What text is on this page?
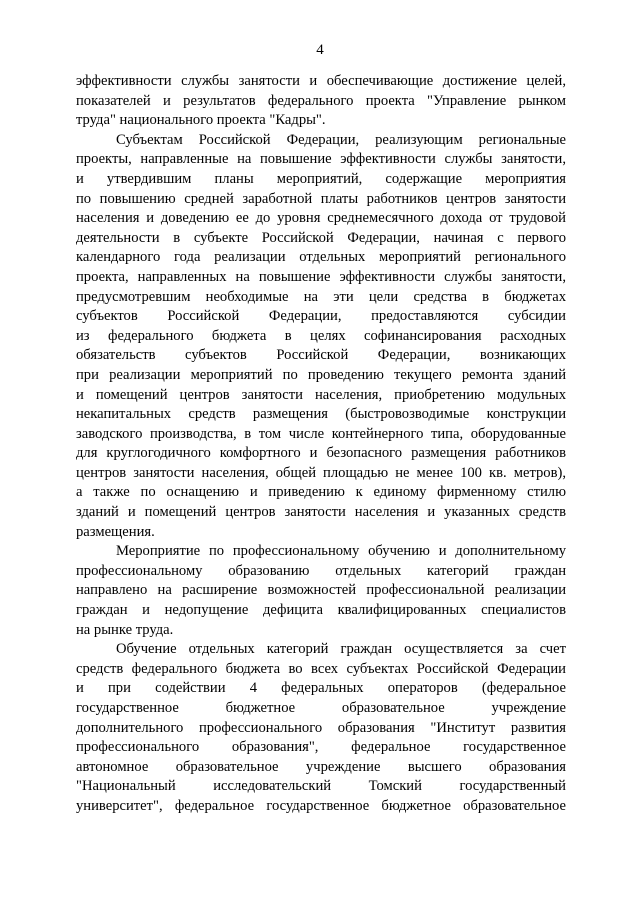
4
эффективности службы занятости и обеспечивающие достижение целей,
показателей и результатов федерального проекта "Управление рынком
труда" национального проекта "Кадры".
Субъектам Российской Федерации, реализующим региональные
проекты, направленные на повышение эффективности службы занятости,
и утвердившим планы мероприятий, содержащие мероприятия
по повышению средней заработной платы работников центров занятости
населения и доведению ее до уровня среднемесячного дохода от трудовой
деятельности в субъекте Российской Федерации, начиная с первого
календарного года реализации отдельных мероприятий регионального
проекта, направленных на повышение эффективности службы занятости,
предусмотревшим необходимые на эти цели средства в бюджетах
субъектов Российской Федерации, предоставляются субсидии
из федерального бюджета в целях софинансирования расходных
обязательств субъектов Российской Федерации, возникающих
при реализации мероприятий по проведению текущего ремонта зданий
и помещений центров занятости населения, приобретению модульных
некапитальных средств размещения (быстровозводимые конструкции
заводского производства, в том числе контейнерного типа, оборудованные
для круглогодичного комфортного и безопасного размещения работников
центров занятости населения, общей площадью не менее 100 кв. метров),
а также по оснащению и приведению к единому фирменному стилю
зданий и помещений центров занятости населения и указанных средств
размещения.
Мероприятие по профессиональному обучению и дополнительному
профессиональному образованию отдельных категорий граждан
направлено на расширение возможностей профессиональной реализации
граждан и недопущение дефицита квалифицированных специалистов
на рынке труда.
Обучение отдельных категорий граждан осуществляется за счет
средств федерального бюджета во всех субъектах Российской Федерации
и при содействии 4 федеральных операторов (федеральное
государственное бюджетное образовательное учреждение
дополнительного профессионального образования "Институт развития
профессионального образования", федеральное государственное
автономное образовательное учреждение высшего образования
"Национальный исследовательский Томский государственный
университет", федеральное государственное бюджетное образовательное
